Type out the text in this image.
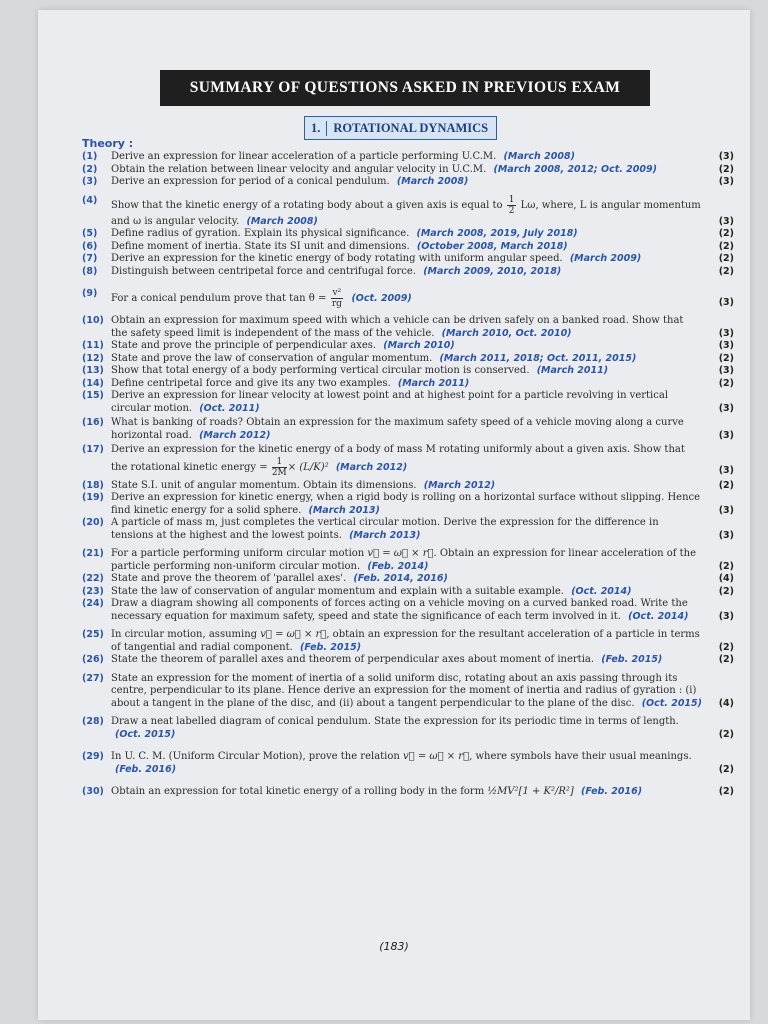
SUMMARY OF QUESTIONS ASKED IN PREVIOUS EXAM
1.	ROTATIONAL DYNAMICS
Theory :
(1) Derive an expression for linear acceleration of a particle performing U.C.M. (March 2008)	(3)
(2) Obtain the relation between linear velocity and angular velocity in U.C.M. (March 2008, 2012; Oct. 2009)	(2)
(3) Derive an expression for period of a conical pendulum. (March 2008)	(3)
(4) Show that the kinetic energy of a rotating body about a given axis is equal to $\frac{1}{2} L\omega$, where, L is angular momentum and ω is angular velocity. (March 2008)	(3)
(5) Define radius of gyration. Explain its physical significance. (March 2008, 2019, July 2018)	(2)
(6) Define moment of inertia. State its SI unit and dimensions. (October 2008, March 2018)	(2)
(7) Derive an expression for the kinetic energy of body rotating with uniform angular speed. (March 2009)	(2)
(8) Distinguish between centripetal force and centrifugal force. (March 2009, 2010, 2018)	(2)
(9) For a conical pendulum prove that $\tan \theta = \frac{\text{v²}}{rg} (Oct$. 2009)	(3)
(10) Obtain an expression for maximum speed with which a vehicle can be driven safely on a banked road. Show that the safety speed limit is independent of the mass of the vehicle. (March 2010, Oct. 2010)	(3)
(11) State and prove the principle of perpendicular axes. (March 2010)	(3)
(12) State and prove the law of conservation of angular momentum. (March 2011, 2018; Oct. 2011, 2015)	(2)
(13) Show that total energy of a body performing vertical circular motion is conserved. (March 2011)	(3)
(14) Define centripetal force and give its any two examples. (March 2011)	(2)
(15) Derive an expression for linear velocity at lowest point and at highest point for a particle revolving in vertical circular motion. (Oct. 2011)	(3)
(16) What is banking of roads? Obtain an expression for the maximum safety speed of a vehicle moving along a curve horizontal road. (March 2012)	(3)
(17) Derive an expression for the kinetic energy of a body of mass M rotating uniformly about a given axis. Show that the rotational kinetic energy = $\frac{1}{2M} \times (L/K)^2$ (March 2012)	(3)
(18) State S.I. unit of angular momentum. Obtain its dimensions. (March 2012)	(2)
(19) Derive an expression for kinetic energy, when a rigid body is rolling on a horizontal surface without slipping. Hence find kinetic energy for a solid sphere. (March 2013)	(3)
(20) A particle of mass m, just completes the vertical circular motion. Derive the expression for the difference in tensions at the highest and the lowest points. (March 2013)	(3)
(21) For a particle performing uniform circular motion v⃗ = ω⃗ × r⃗. Obtain an expression for linear acceleration of the particle performing non-uniform circular motion. (Feb. 2014)	(2)
(22) State and prove the theorem of 'parallel axes'. (Feb. 2014, 2016)	(4)
(23) State the law of conservation of angular momentum and explain with a suitable example. (Oct. 2014)	(2)
(24) Draw a diagram showing all components of forces acting on a vehicle moving on a curved banked road. Write the necessary equation for maximum safety, speed and state the significance of each term involved in it. (Oct. 2014)	(3)
(25) In circular motion, assuming v⃗ = ω⃗ × r⃗, obtain an expression for the resultant acceleration of a particle in terms of tangential and radial component. (Feb. 2015)	(2)
(26) State the theorem of parallel axes and theorem of perpendicular axes about moment of inertia. (Feb. 2015)	(2)
(27) State an expression for the moment of inertia of a solid uniform disc, rotating about an axis passing through its centre, perpendicular to its plane. Hence derive an expression for the moment of inertia and radius of gyration : (i) about a tangent in the plane of the disc, and (ii) about a tangent perpendicular to the plane of the disc. (Oct. 2015) (4)
(28) Draw a neat labelled diagram of conical pendulum. State the expression for its periodic time in terms of length. (Oct. 2015)	(2)
(29) In U. C. M. (Uniform Circular Motion), prove the relation v⃗ = ω⃗ × r⃗, where symbols have their usual meanings. (Feb. 2016)	(2)
(30) Obtain an expression for total kinetic energy of a rolling body in the form ½MV²[1 + K²/R²] (Feb. 2016)	(2)
(183)
